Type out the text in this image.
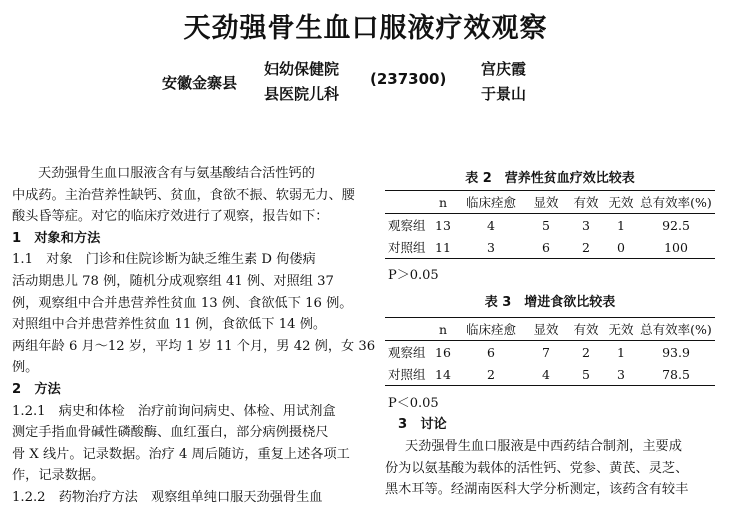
天劲强骨生血口服液疗效观察
安徽金寨县
妇幼保健院
县医院儿科
(237300)
宫庆霞
于景山
天劲强骨生血口服液含有与氨基酸结合活性钙的
中成药。主治营养性缺钙、贫血，食欲不振、软弱无力、腰
酸头昏等症。对它的临床疗效进行了观察，报告如下：
1　对象和方法
1.1　对象　门诊和住院诊断为缺乏维生素 D 佝偻病
活动期患儿 78 例，随机分成观察组 41 例、对照组 37
例，观察组中合并患营养性贫血 13 例、食欲低下 16 例。
对照组中合并患营养性贫血 11 例，食欲低下 14 例。
两组年龄 6 月～12 岁，平均 1 岁 11 个月，男 42 例，女 36
例。
2　方法
1.2.1　病史和体检　治疗前询问病史、体检、用试剂盒
测定手指血骨碱性磷酸酶、血红蛋白，部分病例摄桡尺
骨 X 线片。记录数据。治疗 4 周后随访，重复上述各项工
作，记录数据。
1.2.2　药物治疗方法　观察组单纯口服天劲强骨生血
表 2　营养性贫血疗效比较表
	n	临床痊愈	显效	有效	无效	总有效率(%)
观察组	13	4	5	3	1	92.5
对照组	11	3	6	2	0	100
P＞0.05
表 3　增进食欲比较表
	n	临床痊愈	显效	有效	无效	总有效率(%)
观察组	16	6	7	2	1	93.9
对照组	14	2	4	5	3	78.5
P＜0.05
3　讨论
天劲强骨生血口服液是中西药结合制剂，主要成
份为以氨基酸为载体的活性钙、党参、黄芪、灵芝、
黑木耳等。经湖南医科大学分析测定，该药含有较丰
